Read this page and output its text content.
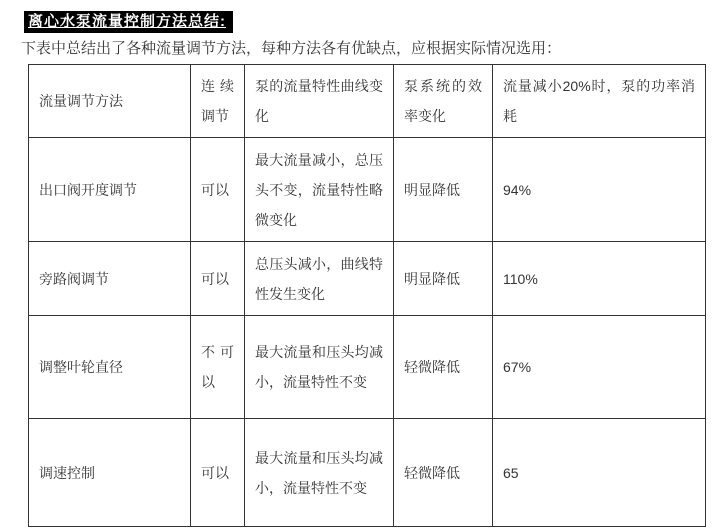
离心水泵流量控制方法总结:

下表中总结出了各种流量调节方法，每种方法各有优缺点，应根据实际情况选用：

流量调节方法	连续调节	泵的流量特性曲线变化	泵系统的效率变化	流量减小20%时，泵的功率消耗
出口阀开度调节	可以	最大流量减小，总压头不变，流量特性略微变化	明显降低	94%
旁路阀调节	可以	总压头减小，曲线特性发生变化	明显降低	110%
调整叶轮直径	不可以	最大流量和压头均减小，流量特性不变	轻微降低	67%
调速控制	可以	最大流量和压头均减小，流量特性不变	轻微降低	65
